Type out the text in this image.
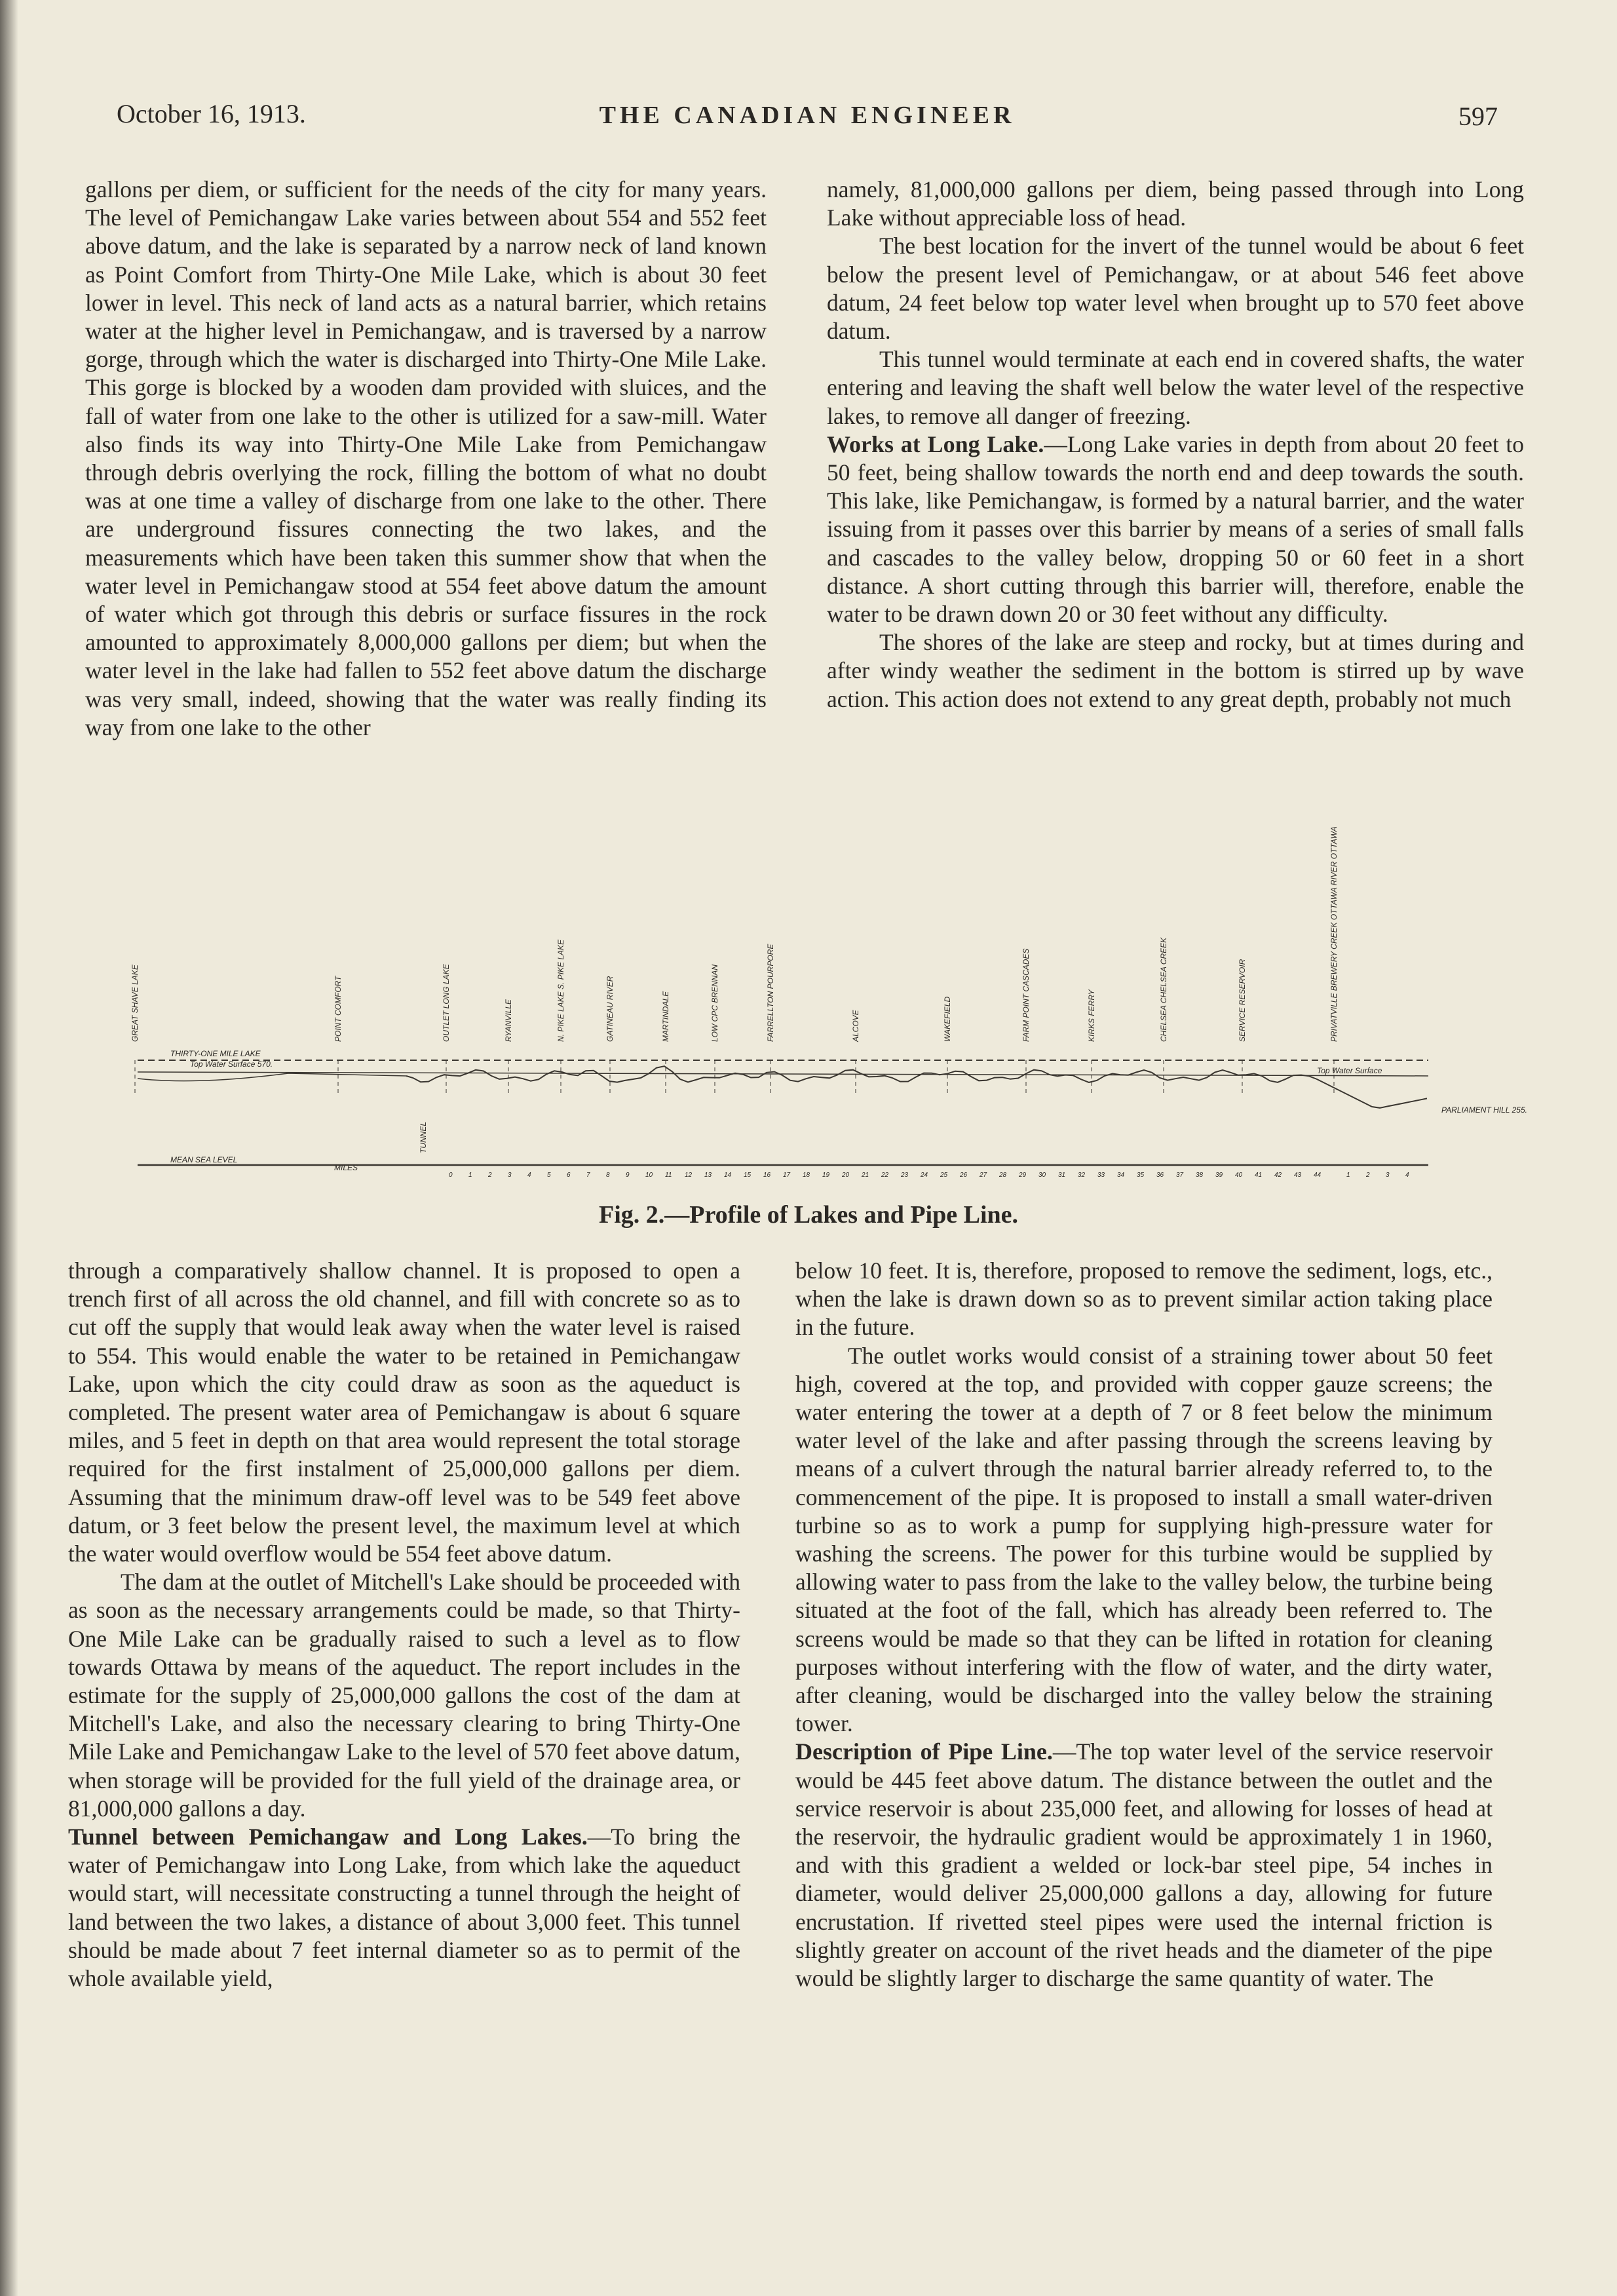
October 16, 1913.	THE CANADIAN ENGINEER	597

gallons per diem, or sufficient for the needs of the city for many years. The level of Pemichangaw Lake varies between about 554 and 552 feet above datum, and the lake is separated by a narrow neck of land known as Point Comfort from Thirty-One Mile Lake, which is about 30 feet lower in level. This neck of land acts as a natural barrier, which retains water at the higher level in Pemichangaw, and is traversed by a narrow gorge, through which the water is discharged into Thirty-One Mile Lake. This gorge is blocked by a wooden dam provided with sluices, and the fall of water from one lake to the other is utilized for a saw-mill. Water also finds its way into Thirty-One Mile Lake from Pemichangaw through debris overlying the rock, filling the bottom of what no doubt was at one time a valley of discharge from one lake to the other. There are underground fissures connecting the two lakes, and the measurements which have been taken this summer show that when the water level in Pemichangaw stood at 554 feet above datum the amount of water which got through this debris or surface fissures in the rock amounted to approximately 8,000,000 gallons per diem; but when the water level in the lake had fallen to 552 feet above datum the discharge was very small, indeed, showing that the water was really finding its way from one lake to the other

namely, 81,000,000 gallons per diem, being passed through into Long Lake without appreciable loss of head.

The best location for the invert of the tunnel would be about 6 feet below the present level of Pemichangaw, or at about 546 feet above datum, 24 feet below top water level when brought up to 570 feet above datum.

This tunnel would terminate at each end in covered shafts, the water entering and leaving the shaft well below the water level of the respective lakes, to remove all danger of freezing.

Works at Long Lake.—Long Lake varies in depth from about 20 feet to 50 feet, being shallow towards the north end and deep towards the south. This lake, like Pemichangaw, is formed by a natural barrier, and the water issuing from it passes over this barrier by means of a series of small falls and cascades to the valley below, dropping 50 or 60 feet in a short distance. A short cutting through this barrier will, therefore, enable the water to be drawn down 20 or 30 feet without any difficulty.

The shores of the lake are steep and rocky, but at times during and after windy weather the sediment in the bottom is stirred up by wave action. This action does not extend to any great depth, probably not much

GREAT SHAVE LAKE	POINT COMFORT	OUTLET LONG LAKE	RYANVILLE	N. PIKE LAKE S. PIKE LAKE	GATINEAU RIVER	MARTINDALE	LOW CPC BRENNAN	FARRELLTON POURPORE	ALCOVE	WAKEFIELD	FARM POINT CASCADES	KIRKS FERRY	CHELSEA CHELSEA CREEK	SERVICE RESERVOIR	PRIVATVILLE BREWERY CREEK OTTAWA RIVER OTTAWA
THIRTY-ONE MILE LAKE
Top Water Surface 570.
Top Water Surface
TUNNEL
PARLIAMENT HILL 255.
MEAN SEA LEVEL
MILES
0 1 2 3 4 5 6 7 8 9 10 11 12 13 14 15 16 17 18 19 20 21 22 23 24 25 26 27 28 29 30 31 32 33 34 35 36 37 38 39 40 41 42 43 44	1 2 3 4
Fig. 2.—Profile of Lakes and Pipe Line.

through a comparatively shallow channel. It is proposed to open a trench first of all across the old channel, and fill with concrete so as to cut off the supply that would leak away when the water level is raised to 554. This would enable the water to be retained in Pemichangaw Lake, upon which the city could draw as soon as the aqueduct is completed. The present water area of Pemichangaw is about 6 square miles, and 5 feet in depth on that area would represent the total storage required for the first instalment of 25,000,000 gallons per diem. Assuming that the minimum draw-off level was to be 549 feet above datum, or 3 feet below the present level, the maximum level at which the water would overflow would be 554 feet above datum.

The dam at the outlet of Mitchell's Lake should be proceeded with as soon as the necessary arrangements could be made, so that Thirty-One Mile Lake can be gradually raised to such a level as to flow towards Ottawa by means of the aqueduct. The report includes in the estimate for the supply of 25,000,000 gallons the cost of the dam at Mitchell's Lake, and also the necessary clearing to bring Thirty-One Mile Lake and Pemichangaw Lake to the level of 570 feet above datum, when storage will be provided for the full yield of the drainage area, or 81,000,000 gallons a day.

Tunnel between Pemichangaw and Long Lakes.—To bring the water of Pemichangaw into Long Lake, from which lake the aqueduct would start, will necessitate constructing a tunnel through the height of land between the two lakes, a distance of about 3,000 feet. This tunnel should be made about 7 feet internal diameter so as to permit of the whole available yield,

below 10 feet. It is, therefore, proposed to remove the sediment, logs, etc., when the lake is drawn down so as to prevent similar action taking place in the future.

The outlet works would consist of a straining tower about 50 feet high, covered at the top, and provided with copper gauze screens; the water entering the tower at a depth of 7 or 8 feet below the minimum water level of the lake and after passing through the screens leaving by means of a culvert through the natural barrier already referred to, to the commencement of the pipe. It is proposed to install a small water-driven turbine so as to work a pump for supplying high-pressure water for washing the screens. The power for this turbine would be supplied by allowing water to pass from the lake to the valley below, the turbine being situated at the foot of the fall, which has already been referred to. The screens would be made so that they can be lifted in rotation for cleaning purposes without interfering with the flow of water, and the dirty water, after cleaning, would be discharged into the valley below the straining tower.

Description of Pipe Line.—The top water level of the service reservoir would be 445 feet above datum. The distance between the outlet and the service reservoir is about 235,000 feet, and allowing for losses of head at the reservoir, the hydraulic gradient would be approximately 1 in 1960, and with this gradient a welded or lock-bar steel pipe, 54 inches in diameter, would deliver 25,000,000 gallons a day, allowing for future encrustation. If rivetted steel pipes were used the internal friction is slightly greater on account of the rivet heads and the diameter of the pipe would be slightly larger to discharge the same quantity of water. The
